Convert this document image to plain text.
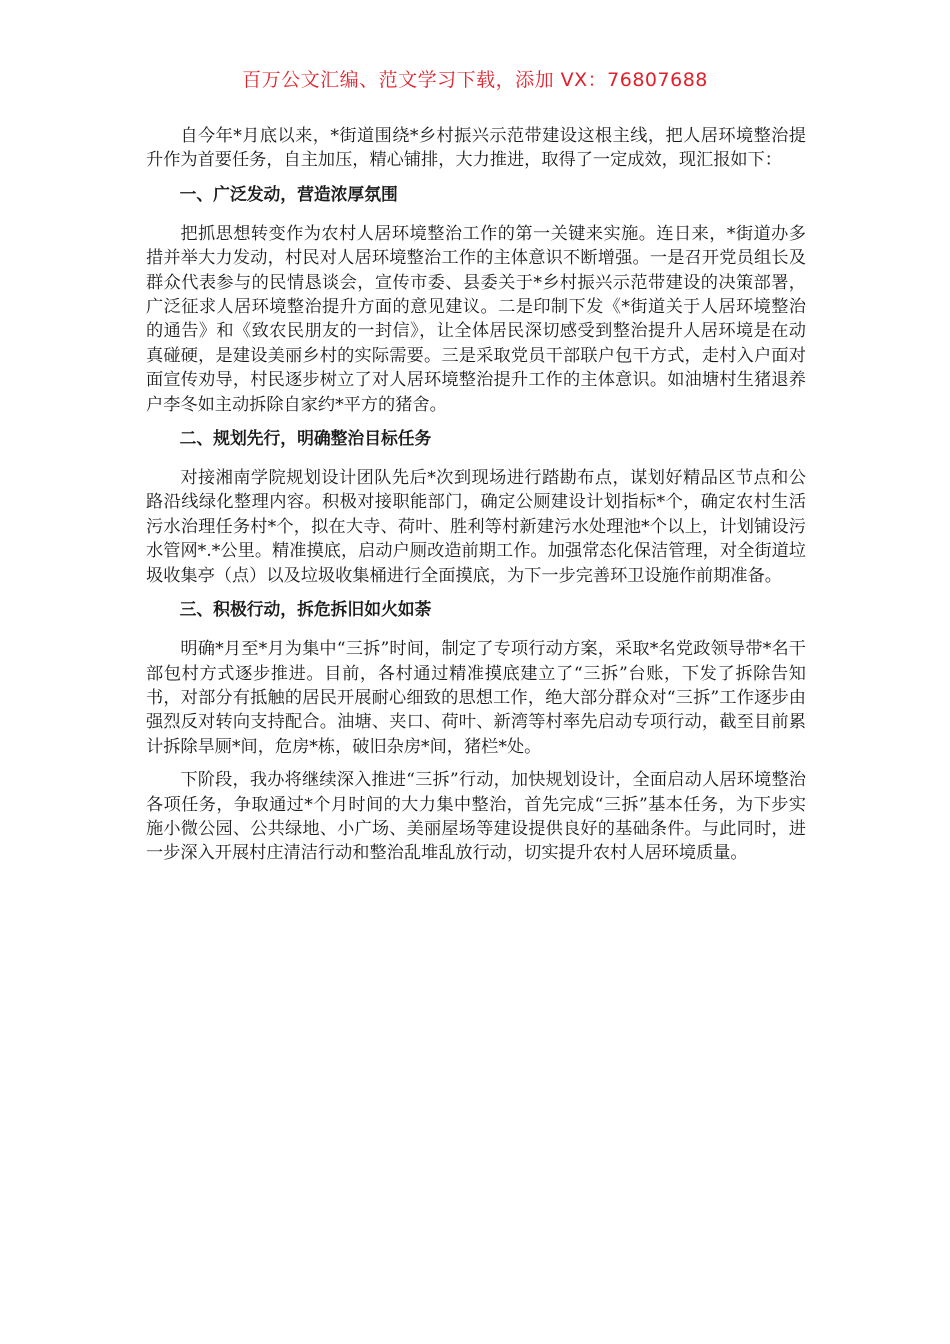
百万公文汇编、范文学习下载，添加 VX：76807688

自今年*月底以来，*街道围绕*乡村振兴示范带建设这根主线，把人居环境整治提升作为首要任务，自主加压，精心铺排，大力推进，取得了一定成效，现汇报如下：

一、广泛发动，营造浓厚氛围

把抓思想转变作为农村人居环境整治工作的第一关键来实施。连日来，*街道办多措并举大力发动，村民对人居环境整治工作的主体意识不断增强。一是召开党员组长及群众代表参与的民情恳谈会，宣传市委、县委关于*乡村振兴示范带建设的决策部署，广泛征求人居环境整治提升方面的意见建议。二是印制下发《*街道关于人居环境整治的通告》和《致农民朋友的一封信》，让全体居民深切感受到整治提升人居环境是在动真碰硬，是建设美丽乡村的实际需要。三是采取党员干部联户包干方式，走村入户面对面宣传劝导，村民逐步树立了对人居环境整治提升工作的主体意识。如油塘村生猪退养户李冬如主动拆除自家约*平方的猪舍。

二、规划先行，明确整治目标任务

对接湘南学院规划设计团队先后*次到现场进行踏勘布点，谋划好精品区节点和公路沿线绿化整理内容。积极对接职能部门，确定公厕建设计划指标*个，确定农村生活污水治理任务村*个，拟在大寺、荷叶、胜利等村新建污水处理池*个以上，计划铺设污水管网*.*公里。精准摸底，启动户厕改造前期工作。加强常态化保洁管理，对全街道垃圾收集亭（点）以及垃圾收集桶进行全面摸底，为下一步完善环卫设施作前期准备。

三、积极行动，拆危拆旧如火如荼

明确*月至*月为集中“三拆”时间，制定了专项行动方案，采取*名党政领导带*名干部包村方式逐步推进。目前，各村通过精准摸底建立了“三拆”台账，下发了拆除告知书，对部分有抵触的居民开展耐心细致的思想工作，绝大部分群众对“三拆”工作逐步由强烈反对转向支持配合。油塘、夹口、荷叶、新湾等村率先启动专项行动，截至目前累计拆除旱厕*间，危房*栋，破旧杂房*间，猪栏*处。

下阶段，我办将继续深入推进“三拆”行动，加快规划设计，全面启动人居环境整治各项任务，争取通过*个月时间的大力集中整治，首先完成“三拆”基本任务，为下步实施小微公园、公共绿地、小广场、美丽屋场等建设提供良好的基础条件。与此同时，进一步深入开展村庄清洁行动和整治乱堆乱放行动，切实提升农村人居环境质量。
